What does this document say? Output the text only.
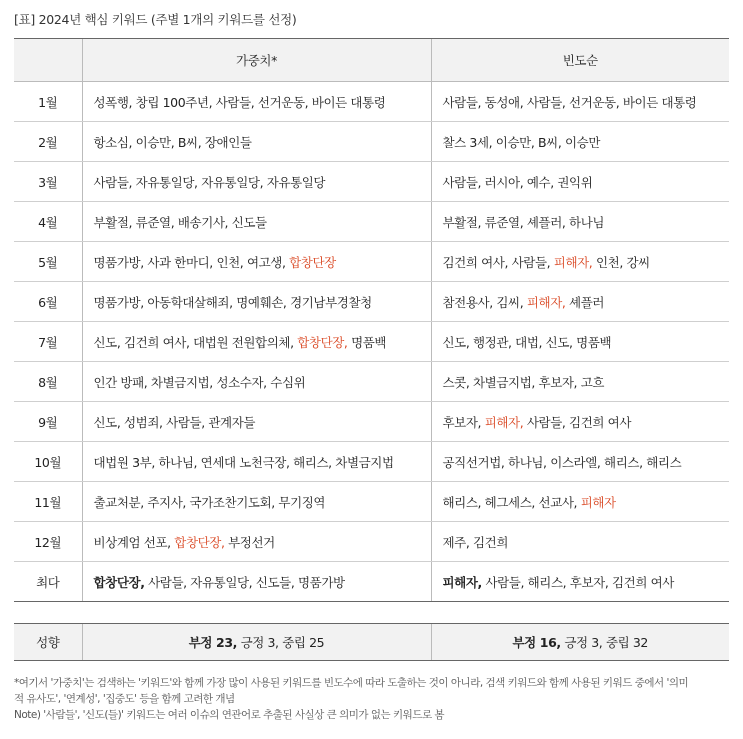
[표] 2024년 핵심 키워드 (주별 1개의 키워드를 선정)
	가중치*	빈도순
1월	성폭행, 창립 100주년, 사람들, 선거운동, 바이든 대통령	사람들, 동성애, 사람들, 선거운동, 바이든 대통령
2월	항소심, 이승만, B씨, 장애인들	찰스 3세, 이승만, B씨, 이승만
3월	사람들, 자유통일당, 자유통일당, 자유통일당	사람들, 러시아, 예수, 권익위
4월	부활절, 류준열, 배송기사, 신도들	부활절, 류준열, 셰플러, 하나님
5월	명품가방, 사과 한마디, 인천, 여고생, 합창단장	김건희 여사, 사람들, 피해자, 인천, 강씨
6월	명품가방, 아동학대살해죄, 명예훼손, 경기남부경찰청	참전용사, 김씨, 피해자, 셰플러
7월	신도, 김건희 여사, 대법원 전원합의체, 합창단장, 명품백	신도, 행정관, 대법, 신도, 명품백
8월	인간 방패, 차별금지법, 성소수자, 수심위	스콧, 차별금지법, 후보자, 고흐
9월	신도, 성범죄, 사람들, 관계자들	후보자, 피해자, 사람들, 김건희 여사
10월	대법원 3부, 하나님, 연세대 노천극장, 해리스, 차별금지법	공직선거법, 하나님, 이스라엘, 해리스, 해리스
11월	출교처분, 주지사, 국가조찬기도회, 무기징역	해리스, 헤그세스, 선교사, 피해자
12월	비상계엄 선포, 합창단장, 부정선거	제주, 김건희
최다	합창단장, 사람들, 자유통일당, 신도들, 명품가방	피해자, 사람들, 해리스, 후보자, 김건희 여사
성향	부정 23, 긍정 3, 중립 25	부정 16, 긍정 3, 중립 32
*여기서 '가중치'는 검색하는 '키워드'와 함께 가장 많이 사용된 키워드를 빈도수에 따라 도출하는 것이 아니라, 검색 키워드와 함께 사용된 키워드 중에서 '의미
적 유사도', '연계성', '집중도' 등을 함께 고려한 개념
Note) '사람들', '신도(들)' 키워드는 여러 이슈의 연관어로 추출된 사실상 큰 의미가 없는 키워드로 봄
